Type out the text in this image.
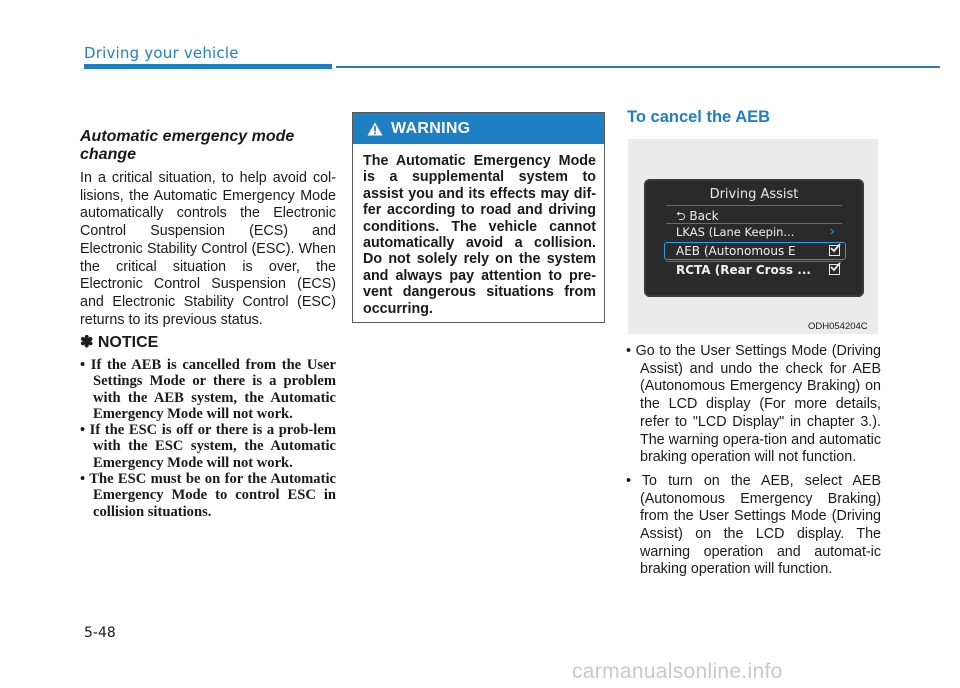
Driving your vehicle
Automatic emergency mode change
In a critical situation, to help avoid col-lisions, the Automatic Emergency Mode automatically controls the Electronic Control Suspension (ECS) and Electronic Stability Control (ESC). When the critical situation is over, the Electronic Control Suspension (ECS) and Electronic Stability Control (ESC) returns to its previous status.
✽ NOTICE
• If the AEB is cancelled from the User Settings Mode or there is a problem with the AEB system, the Automatic Emergency Mode will not work.
• If the ESC is off or there is a prob-lem with the ESC system, the Automatic Emergency Mode will not work.
• The ESC must be on for the Automatic Emergency Mode to control ESC in collision situations.
WARNING
The Automatic Emergency Mode is a supplemental system to assist you and its effects may dif-fer according to road and driving conditions. The vehicle cannot automatically avoid a collision. Do not solely rely on the system and always pay attention to pre-vent dangerous situations from occurring.
To cancel the AEB
Driving Assist
⮌ Back
LKAS (Lane Keepin...	›
AEB (Autonomous E
RCTA (Rear Cross ...
ODH054204C
• Go to the User Settings Mode (Driving Assist) and undo the check for AEB (Autonomous Emergency Braking) on the LCD display (For more details, refer to "LCD Display" in chapter 3.). The warning opera-tion and automatic braking operation will not function.
• To turn on the AEB, select AEB (Autonomous Emergency Braking) from the User Settings Mode (Driving Assist) on the LCD display. The warning operation and automat-ic braking operation will function.
5-48
carmanualsonline.info
